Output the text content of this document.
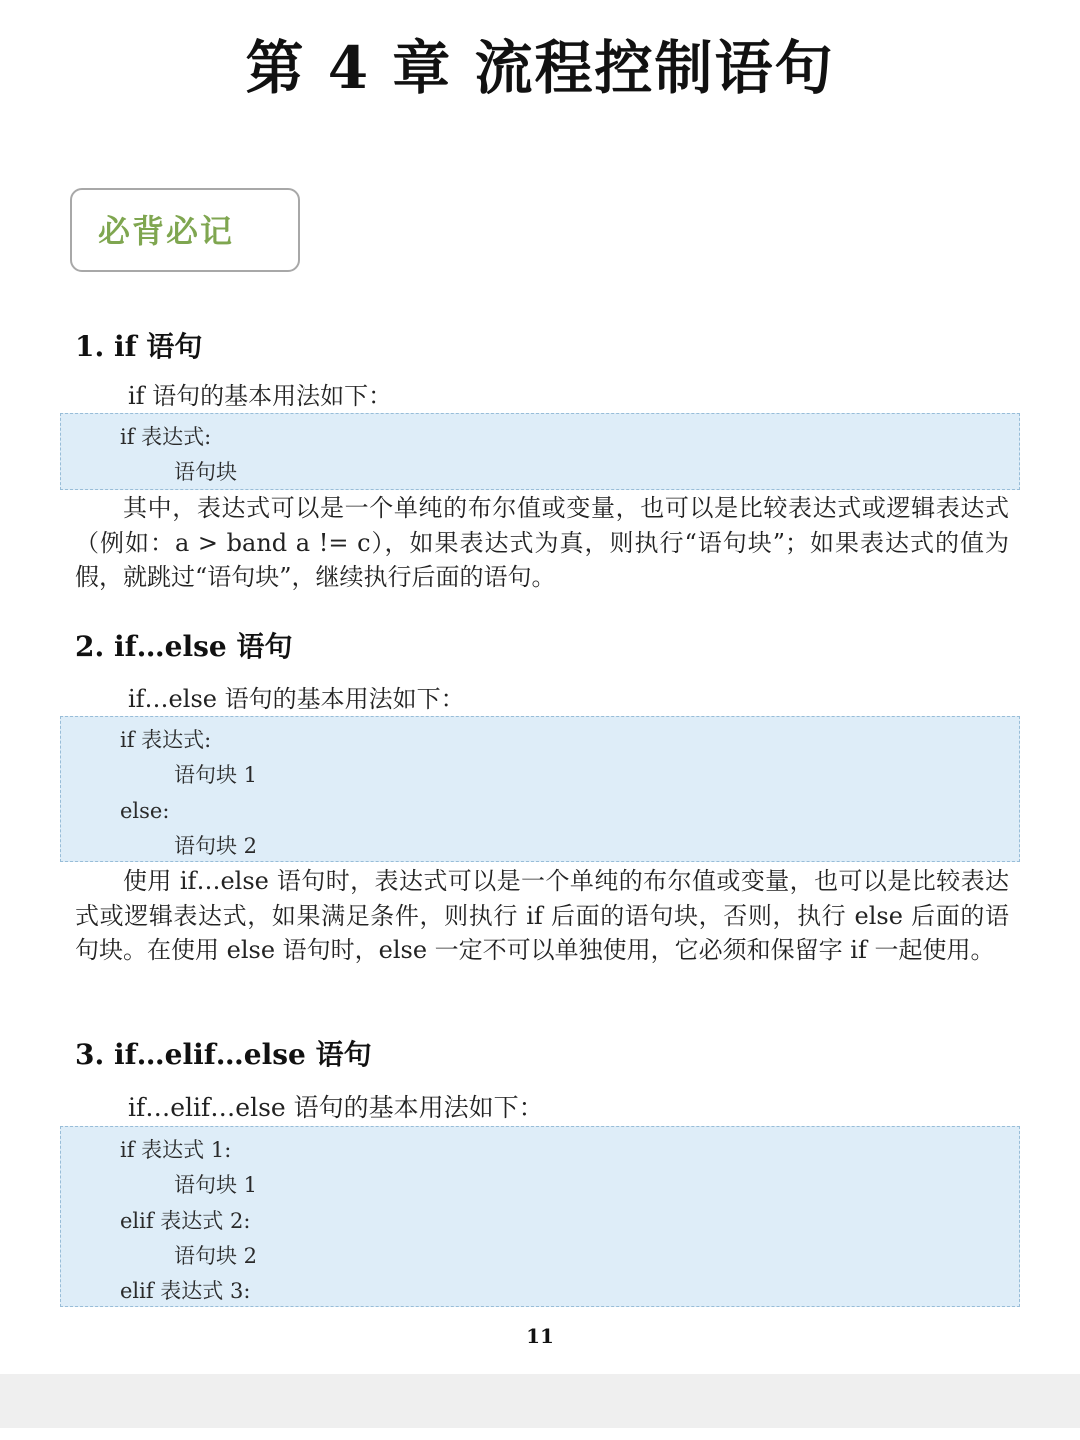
第 4 章 流程控制语句
必背必记
1. if 语句
if 语句的基本用法如下：
if 表达式:
语句块
其中，表达式可以是一个单纯的布尔值或变量，也可以是比较表达式或逻辑表达式（例如：a > band a != c），如果表达式为真，则执行“语句块”；如果表达式的值为假，就跳过“语句块”，继续执行后面的语句。
2. if…else 语句
if…else 语句的基本用法如下：
if 表达式:
语句块 1
else:
语句块 2
使用 if…else 语句时，表达式可以是一个单纯的布尔值或变量，也可以是比较表达式或逻辑表达式，如果满足条件，则执行 if 后面的语句块，否则，执行 else 后面的语句块。在使用 else 语句时，else 一定不可以单独使用，它必须和保留字 if 一起使用。
3. if…elif…else 语句
if…elif…else 语句的基本用法如下：
if 表达式 1:
语句块 1
elif 表达式 2:
语句块 2
elif 表达式 3:
11
